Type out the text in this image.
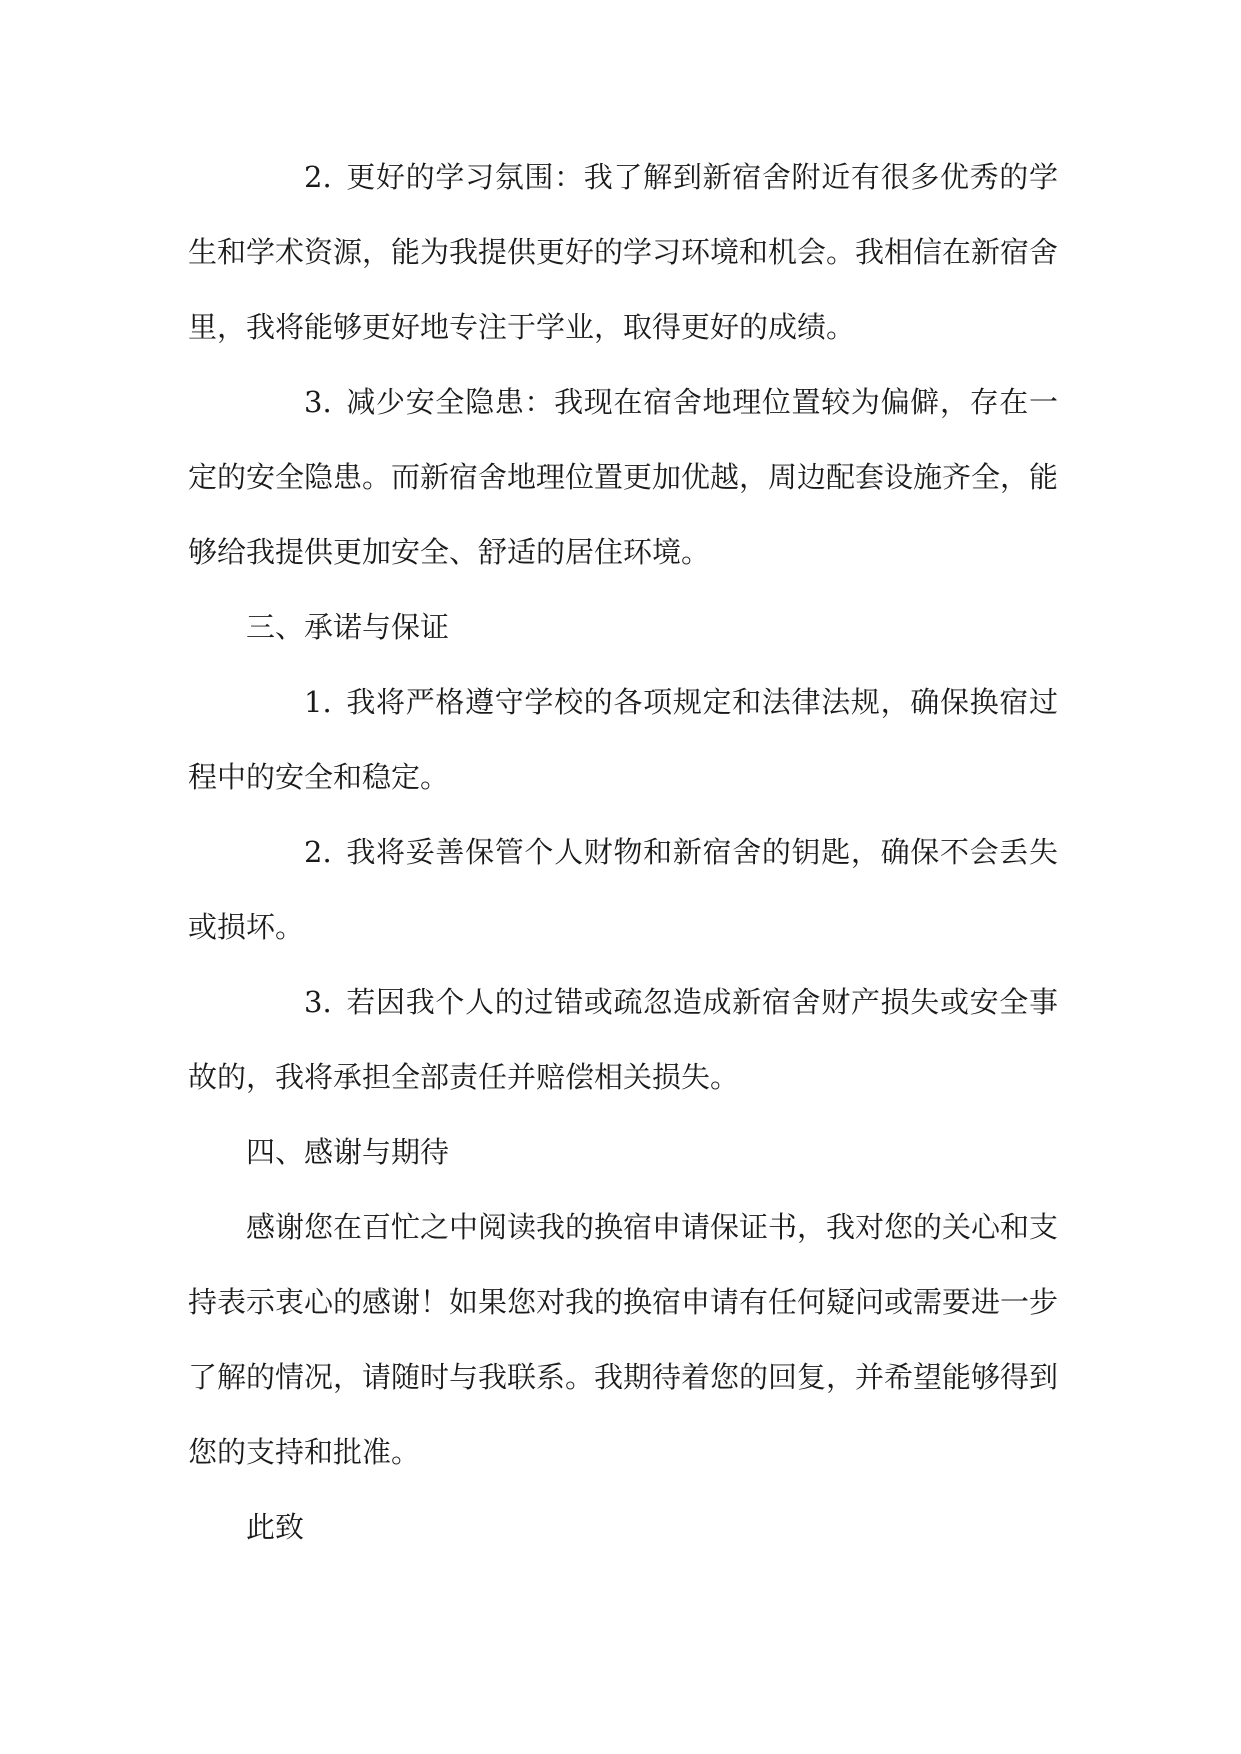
2. 更好的学习氛围：我了解到新宿舍附近有很多优秀的学生和学术资源，能为我提供更好的学习环境和机会。我相信在新宿舍里，我将能够更好地专注于学业，取得更好的成绩。

3. 减少安全隐患：我现在宿舍地理位置较为偏僻，存在一定的安全隐患。而新宿舍地理位置更加优越，周边配套设施齐全，能够给我提供更加安全、舒适的居住环境。

三、承诺与保证

1. 我将严格遵守学校的各项规定和法律法规，确保换宿过程中的安全和稳定。

2. 我将妥善保管个人财物和新宿舍的钥匙，确保不会丢失或损坏。

3. 若因我个人的过错或疏忽造成新宿舍财产损失或安全事故的，我将承担全部责任并赔偿相关损失。

四、感谢与期待

感谢您在百忙之中阅读我的换宿申请保证书，我对您的关心和支持表示衷心的感谢！如果您对我的换宿申请有任何疑问或需要进一步了解的情况，请随时与我联系。我期待着您的回复，并希望能够得到您的支持和批准。

此致
